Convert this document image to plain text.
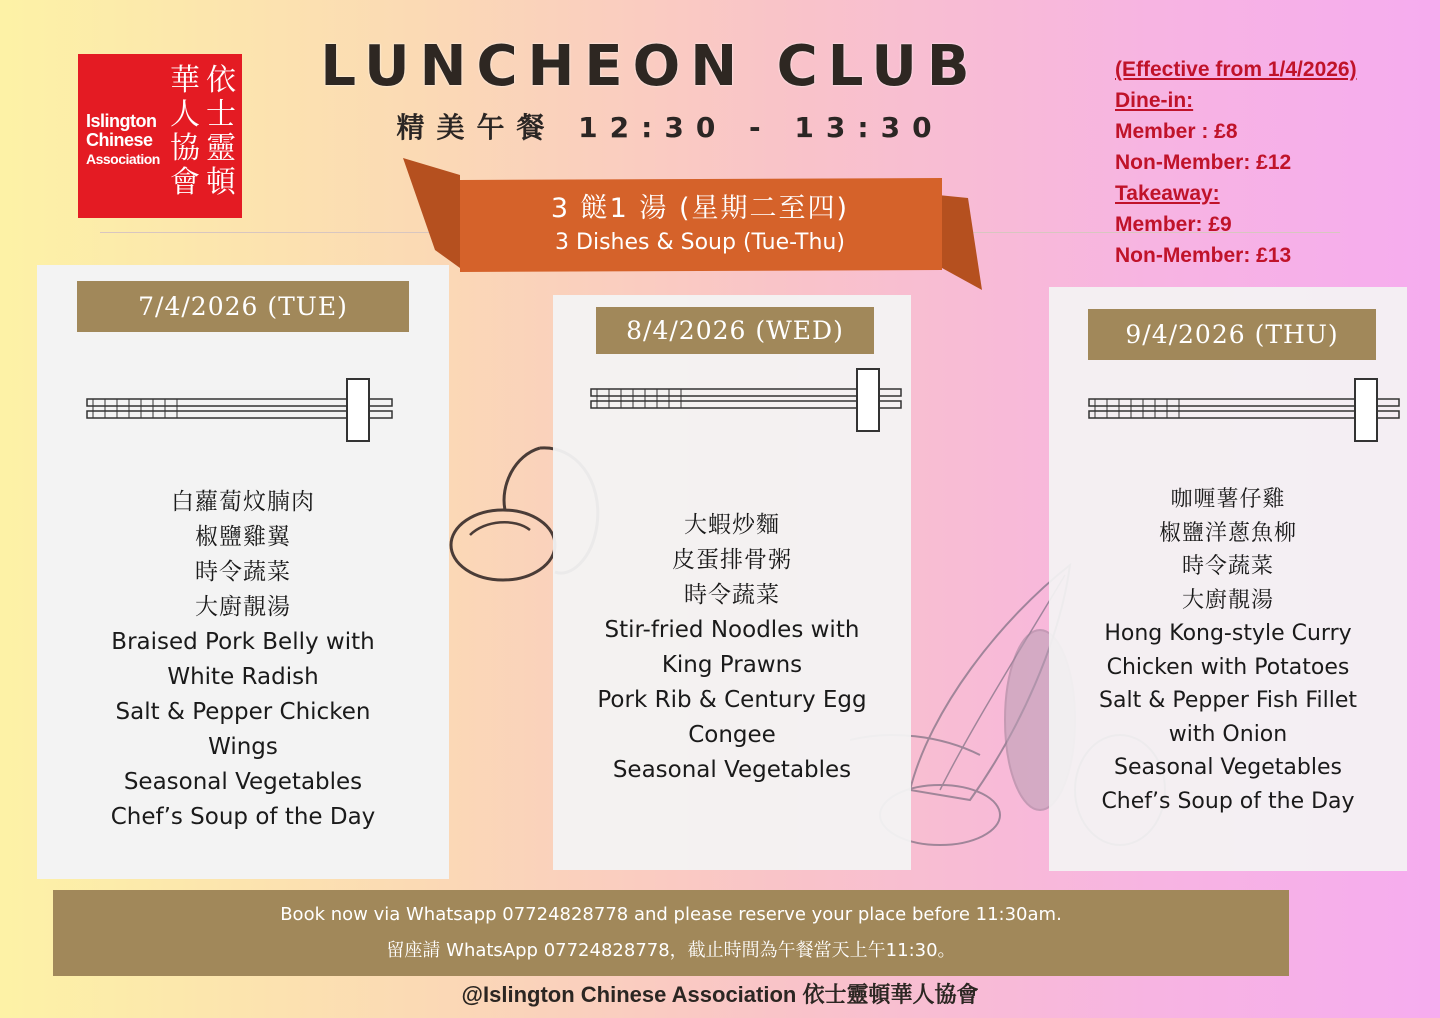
Islington
Chinese
Association
依
士
靈
頓
華
人
協
會
LUNCHEON CLUB
精美午餐 12:30 - 13:30
(Effective from 1/4/2026)
Dine-in:
Member : £8
Non-Member: £12
Takeaway:
Member: £9
Non-Member: £13
3 餸1 湯 (星期二至四)
3 Dishes & Soup (Tue-Thu)
7/4/2026 (TUE)
白蘿蔔炆腩肉
椒鹽雞翼
時令蔬菜
大廚靚湯
Braised Pork Belly with
White Radish
Salt & Pepper Chicken
Wings
Seasonal Vegetables
Chef’s Soup of the Day
8/4/2026 (WED)
大蝦炒麵
皮蛋排骨粥
時令蔬菜
Stir-fried Noodles with
King Prawns
Pork Rib & Century Egg
Congee
Seasonal Vegetables
9/4/2026 (THU)
咖喱薯仔雞
椒鹽洋蔥魚柳
時令蔬菜
大廚靚湯
Hong Kong-style Curry
Chicken with Potatoes
Salt & Pepper Fish Fillet
with Onion
Seasonal Vegetables
Chef’s Soup of the Day
Book now via Whatsapp 07724828778 and please reserve your place before 11:30am.
留座請 WhatsApp 07724828778，截止時間為午餐當天上午11:30。
@Islington Chinese Association 依士靈頓華人協會
